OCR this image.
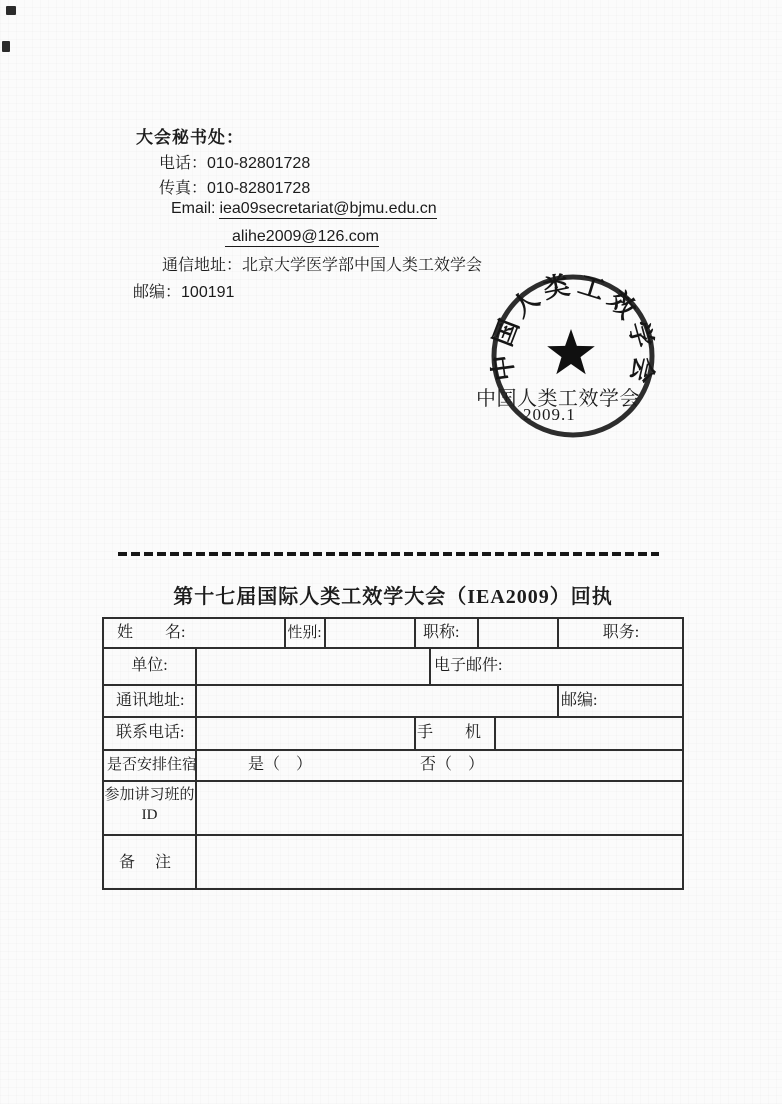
大会秘书处：
电话：010-82801728
传真：010-82801728
Email: iea09secretariat@bjmu.edu.cn
alihe2009@126.com
通信地址：北京大学医学部中国人类工效学会
邮编：100191
中国人类工效学会
2009.1
中国人类工效学会
第十七届国际人类工效学大会（IEA2009）回执
姓　　名:	性别:	职称:	职务:
单位:	电子邮件:
通讯地址:	邮编:
联系电话:	手　　机
是否安排住宿	是（　）	否（　）
参加讲习班的
ID
备　注
